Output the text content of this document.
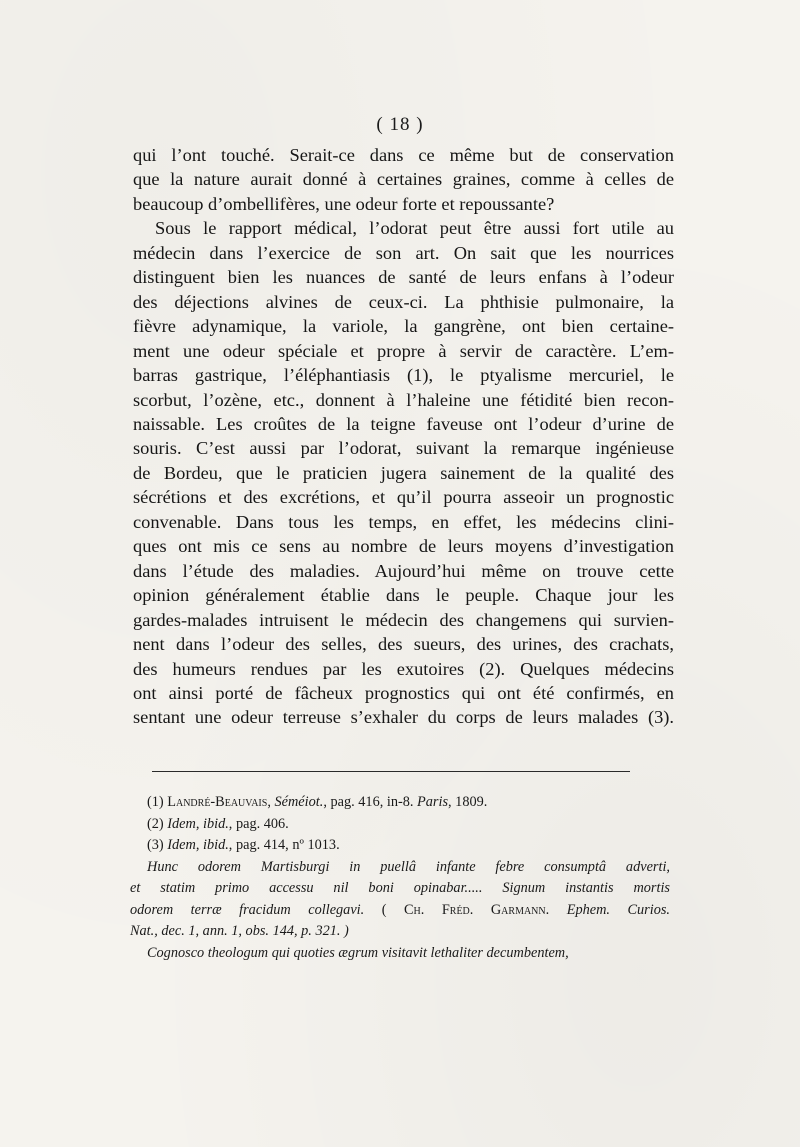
( 18 )
qui l’ont touché. Serait-ce dans ce même but de conservation
que la nature aurait donné à certaines graines, comme à celles de
beaucoup d’ombellifères, une odeur forte et repoussante?
Sous le rapport médical, l’odorat peut être aussi fort utile au
médecin dans l’exercice de son art. On sait que les nourrices
distinguent bien les nuances de santé de leurs enfans à l’odeur
des déjections alvines de ceux-ci. La phthisie pulmonaire, la
fièvre adynamique, la variole, la gangrène, ont bien certaine-
ment une odeur spéciale et propre à servir de caractère. L’em-
barras gastrique, l’éléphantiasis (1), le ptyalisme mercuriel, le
scorbut, l’ozène, etc., donnent à l’haleine une fétidité bien recon-
naissable. Les croûtes de la teigne faveuse ont l’odeur d’urine de
souris. C’est aussi par l’odorat, suivant la remarque ingénieuse
de Bordeu, que le praticien jugera sainement de la qualité des
sécrétions et des excrétions, et qu’il pourra asseoir un prognostic
convenable. Dans tous les temps, en effet, les médecins clini-
ques ont mis ce sens au nombre de leurs moyens d’investigation
dans l’étude des maladies. Aujourd’hui même on trouve cette
opinion généralement établie dans le peuple. Chaque jour les
gardes-malades intruisent le médecin des changemens qui survien-
nent dans l’odeur des selles, des sueurs, des urines, des crachats,
des humeurs rendues par les exutoires (2). Quelques médecins
ont ainsi porté de fâcheux prognostics qui ont été confirmés, en
sentant une odeur terreuse s’exhaler du corps de leurs malades (3).
(1) Landré-Beauvais, Séméiot., pag. 416, in-8. Paris, 1809.
(2) Idem, ibid., pag. 406.
(3) Idem, ibid., pag. 414, nº 1013.
Hunc odorem Martisburgi in puellâ infante febre consumptâ adverti,
et statim primo accessu nil boni opinabar..... Signum instantis mortis
odorem terræ fracidum collegavi. ( Ch. Fréd. Garmann. Ephem. Curios.
Nat., dec. 1, ann. 1, obs. 144, p. 321. )
Cognosco theologum qui quoties ægrum visitavit lethaliter decumbentem,
